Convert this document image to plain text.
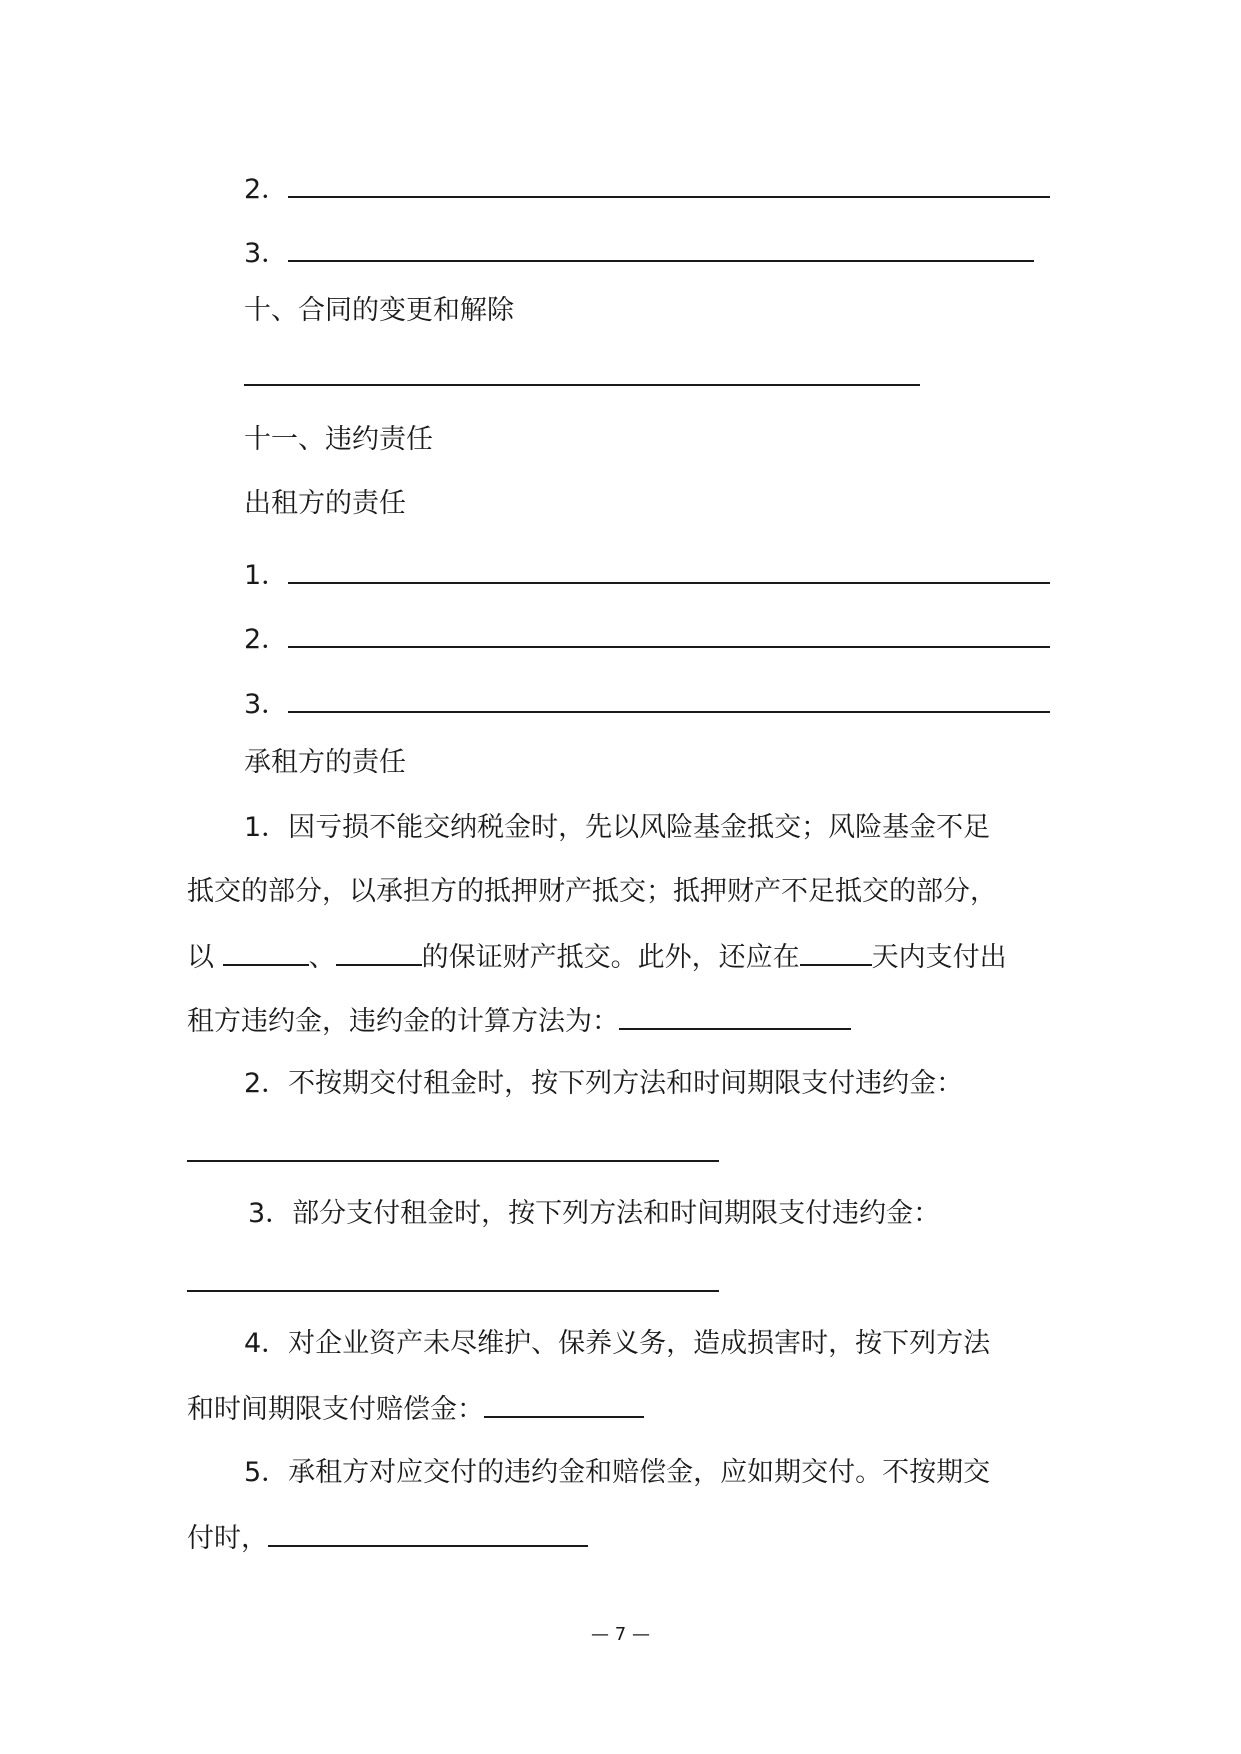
2．
3．
十、合同的变更和解除
十一、违约责任
出租方的责任
1．
2．
3．
承租方的责任
1．因亏损不能交纳税金时，先以风险基金抵交；风险基金不足
抵交的部分，以承担方的抵押财产抵交；抵押财产不足抵交的部分，
以	、	的保证财产抵交。此外，还应在	天内支付出
租方违约金，违约金的计算方法为：
2．不按期交付租金时，按下列方法和时间期限支付违约金：
3．部分支付租金时，按下列方法和时间期限支付违约金：
4．对企业资产未尽维护、保养义务，造成损害时，按下列方法
和时间期限支付赔偿金：
5．承租方对应交付的违约金和赔偿金，应如期交付。不按期交
付时，
— 7 —
